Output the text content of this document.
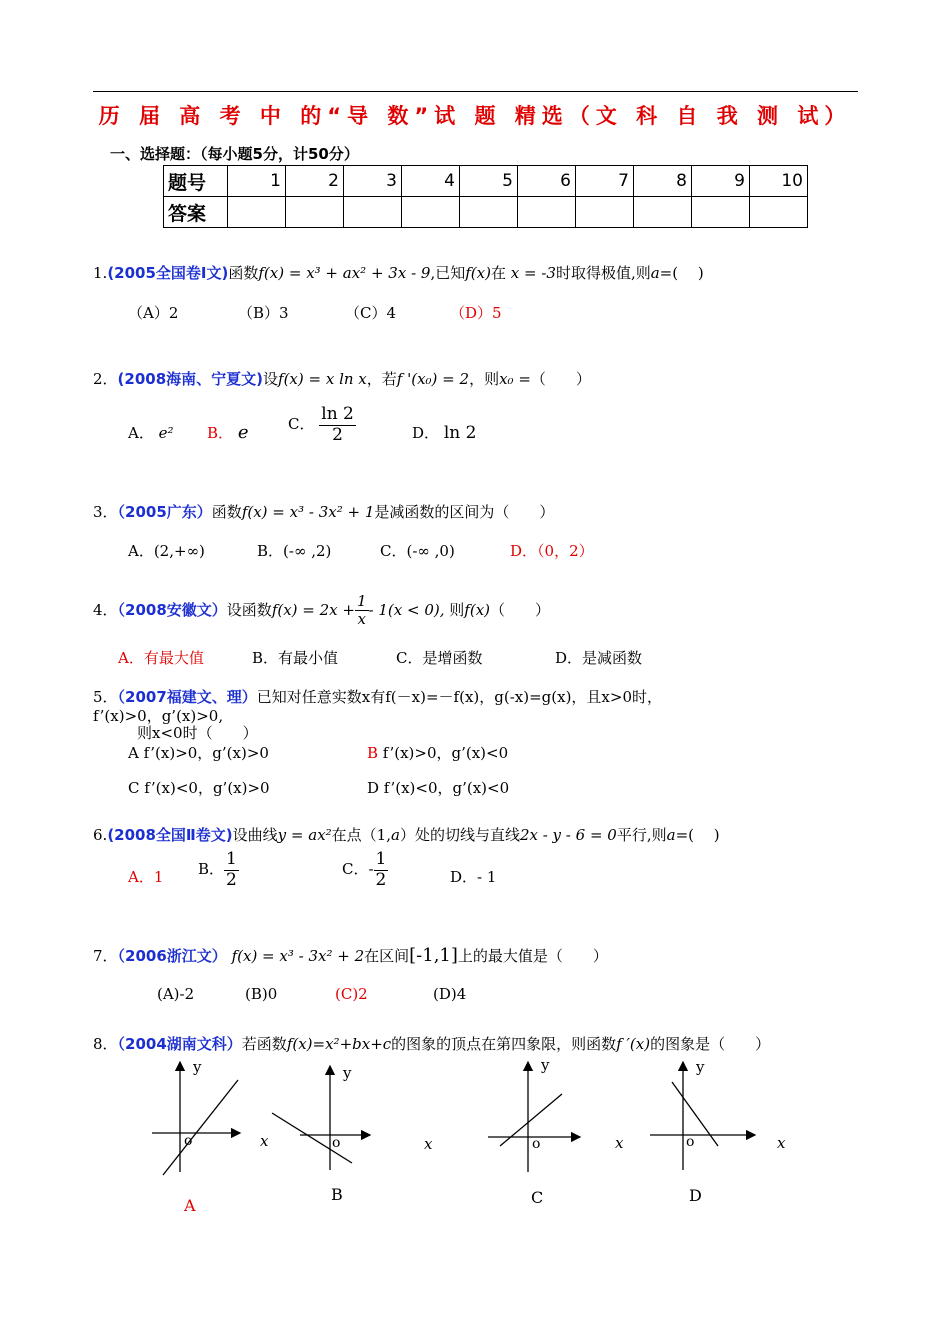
历 届 高 考 中 的“导 数”试 题 精选（文 科 自 我 测 试）
一、选择题：（每小题5分，计50分）
题号	1	2	3	4	5	6	7	8	9	10
答案										
1.(2005全国卷Ⅰ文)函数f(x) = x³ + ax² + 3x - 9,已知f(x)在 x = -3时取得极值,则a=(　 )
（A）2	（B）3	（C）4	（D）5
2．(2008海南、宁夏文)设f(x) = x ln x，若f '(x₀) = 2，则x₀ =（　　）
A． e² B． e	C． $\frac{\ln 2}{2}$	D． ln 2
3．（2005广东）函数f(x) = x³ - 3x² + 1是减函数的区间为（　　）
A．(2,+∞)	B．(-∞ ,2)	C．(-∞ ,0)	D．（0，2）
4．（2008安徽文）设函数$f(x) = 2x + \frac{1}{x} - 1(x < 0)$, 则f(x)（　　）
A．有最大值	B．有最小值	C．是增函数	D．是减函数
5．（2007福建文、理）已知对任意实数x有f(－x)=－f(x)，g(-x)=g(x)，且x>0时，
f’(x)>0，g’(x)>0,
则x<0时（　　）
A f’(x)>0，g’(x)>0	B f’(x)>0，g’(x)<0
C f’(x)<0，g’(x)>0	D f’(x)<0，g’(x)<0
6.(2008全国Ⅱ卷文)设曲线y = ax²在点（1,a）处的切线与直线2x - y - 6 = 0平行,则a=(　 )
A．1 B． $\frac{1}{2}$	C．- $\frac{1}{2}$	D．- 1
7．（2006浙江文） f(x) = x³ - 3x² + 2在区间[-1,1]上的最大值是（　　）
(A)-2	(B)0	(C)2	(D)4
8．（2004湖南文科）若函数f(x)=x²+bx+c的图象的顶点在第四象限，则函数f ′(x)的图象是（　　）
y
o	x
A
y
o	x
B
y
o	x
C
y
o	x
D
